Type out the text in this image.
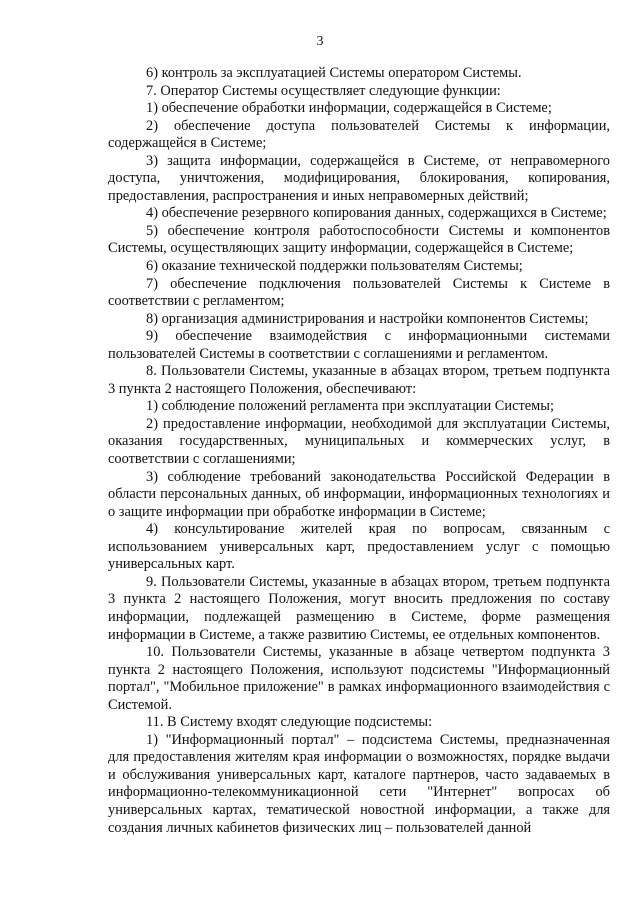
3

6) контроль за эксплуатацией Системы оператором Системы.

7. Оператор Системы осуществляет следующие функции:

1) обеспечение обработки информации, содержащейся в Системе;

2) обеспечение доступа пользователей Системы к информации, содержащейся в Системе;

3) защита информации, содержащейся в Системе, от неправомерного доступа, уничтожения, модифицирования, блокирования, копирования, предоставления, распространения и иных неправомерных действий;

4) обеспечение резервного копирования данных, содержащихся в Системе;

5) обеспечение контроля работоспособности Системы и компонентов Системы, осуществляющих защиту информации, содержащейся в Системе;

6) оказание технической поддержки пользователям Системы;

7) обеспечение подключения пользователей Системы к Системе в соответствии с регламентом;

8) организация администрирования и настройки компонентов Системы;

9) обеспечение взаимодействия с информационными системами пользователей Системы в соответствии с соглашениями и регламентом.

8. Пользователи Системы, указанные в абзацах втором, третьем подпункта 3 пункта 2 настоящего Положения, обеспечивают:

1) соблюдение положений регламента при эксплуатации Системы;

2) предоставление информации, необходимой для эксплуатации Системы, оказания государственных, муниципальных и коммерческих услуг, в соответствии с соглашениями;

3) соблюдение требований законодательства Российской Федерации в области персональных данных, об информации, информационных технологиях и о защите информации при обработке информации в Системе;

4) консультирование жителей края по вопросам, связанным с использованием универсальных карт, предоставлением услуг с помощью универсальных карт.

9. Пользователи Системы, указанные в абзацах втором, третьем подпункта 3 пункта 2 настоящего Положения, могут вносить предложения по составу информации, подлежащей размещению в Системе, форме размещения информации в Системе, а также развитию Системы, ее отдельных компонентов.

10. Пользователи Системы, указанные в абзаце четвертом подпункта 3 пункта 2 настоящего Положения, используют подсистемы "Информационный портал", "Мобильное приложение" в рамках информационного взаимодействия с Системой.

11. В Систему входят следующие подсистемы:

1) "Информационный портал" – подсистема Системы, предназначенная для предоставления жителям края информации о возможностях, порядке выдачи и обслуживания универсальных карт, каталоге партнеров, часто задаваемых в информационно-телекоммуникационной сети "Интернет" вопросах об универсальных картах, тематической новостной информации, а также для создания личных кабинетов физических лиц – пользователей данной
